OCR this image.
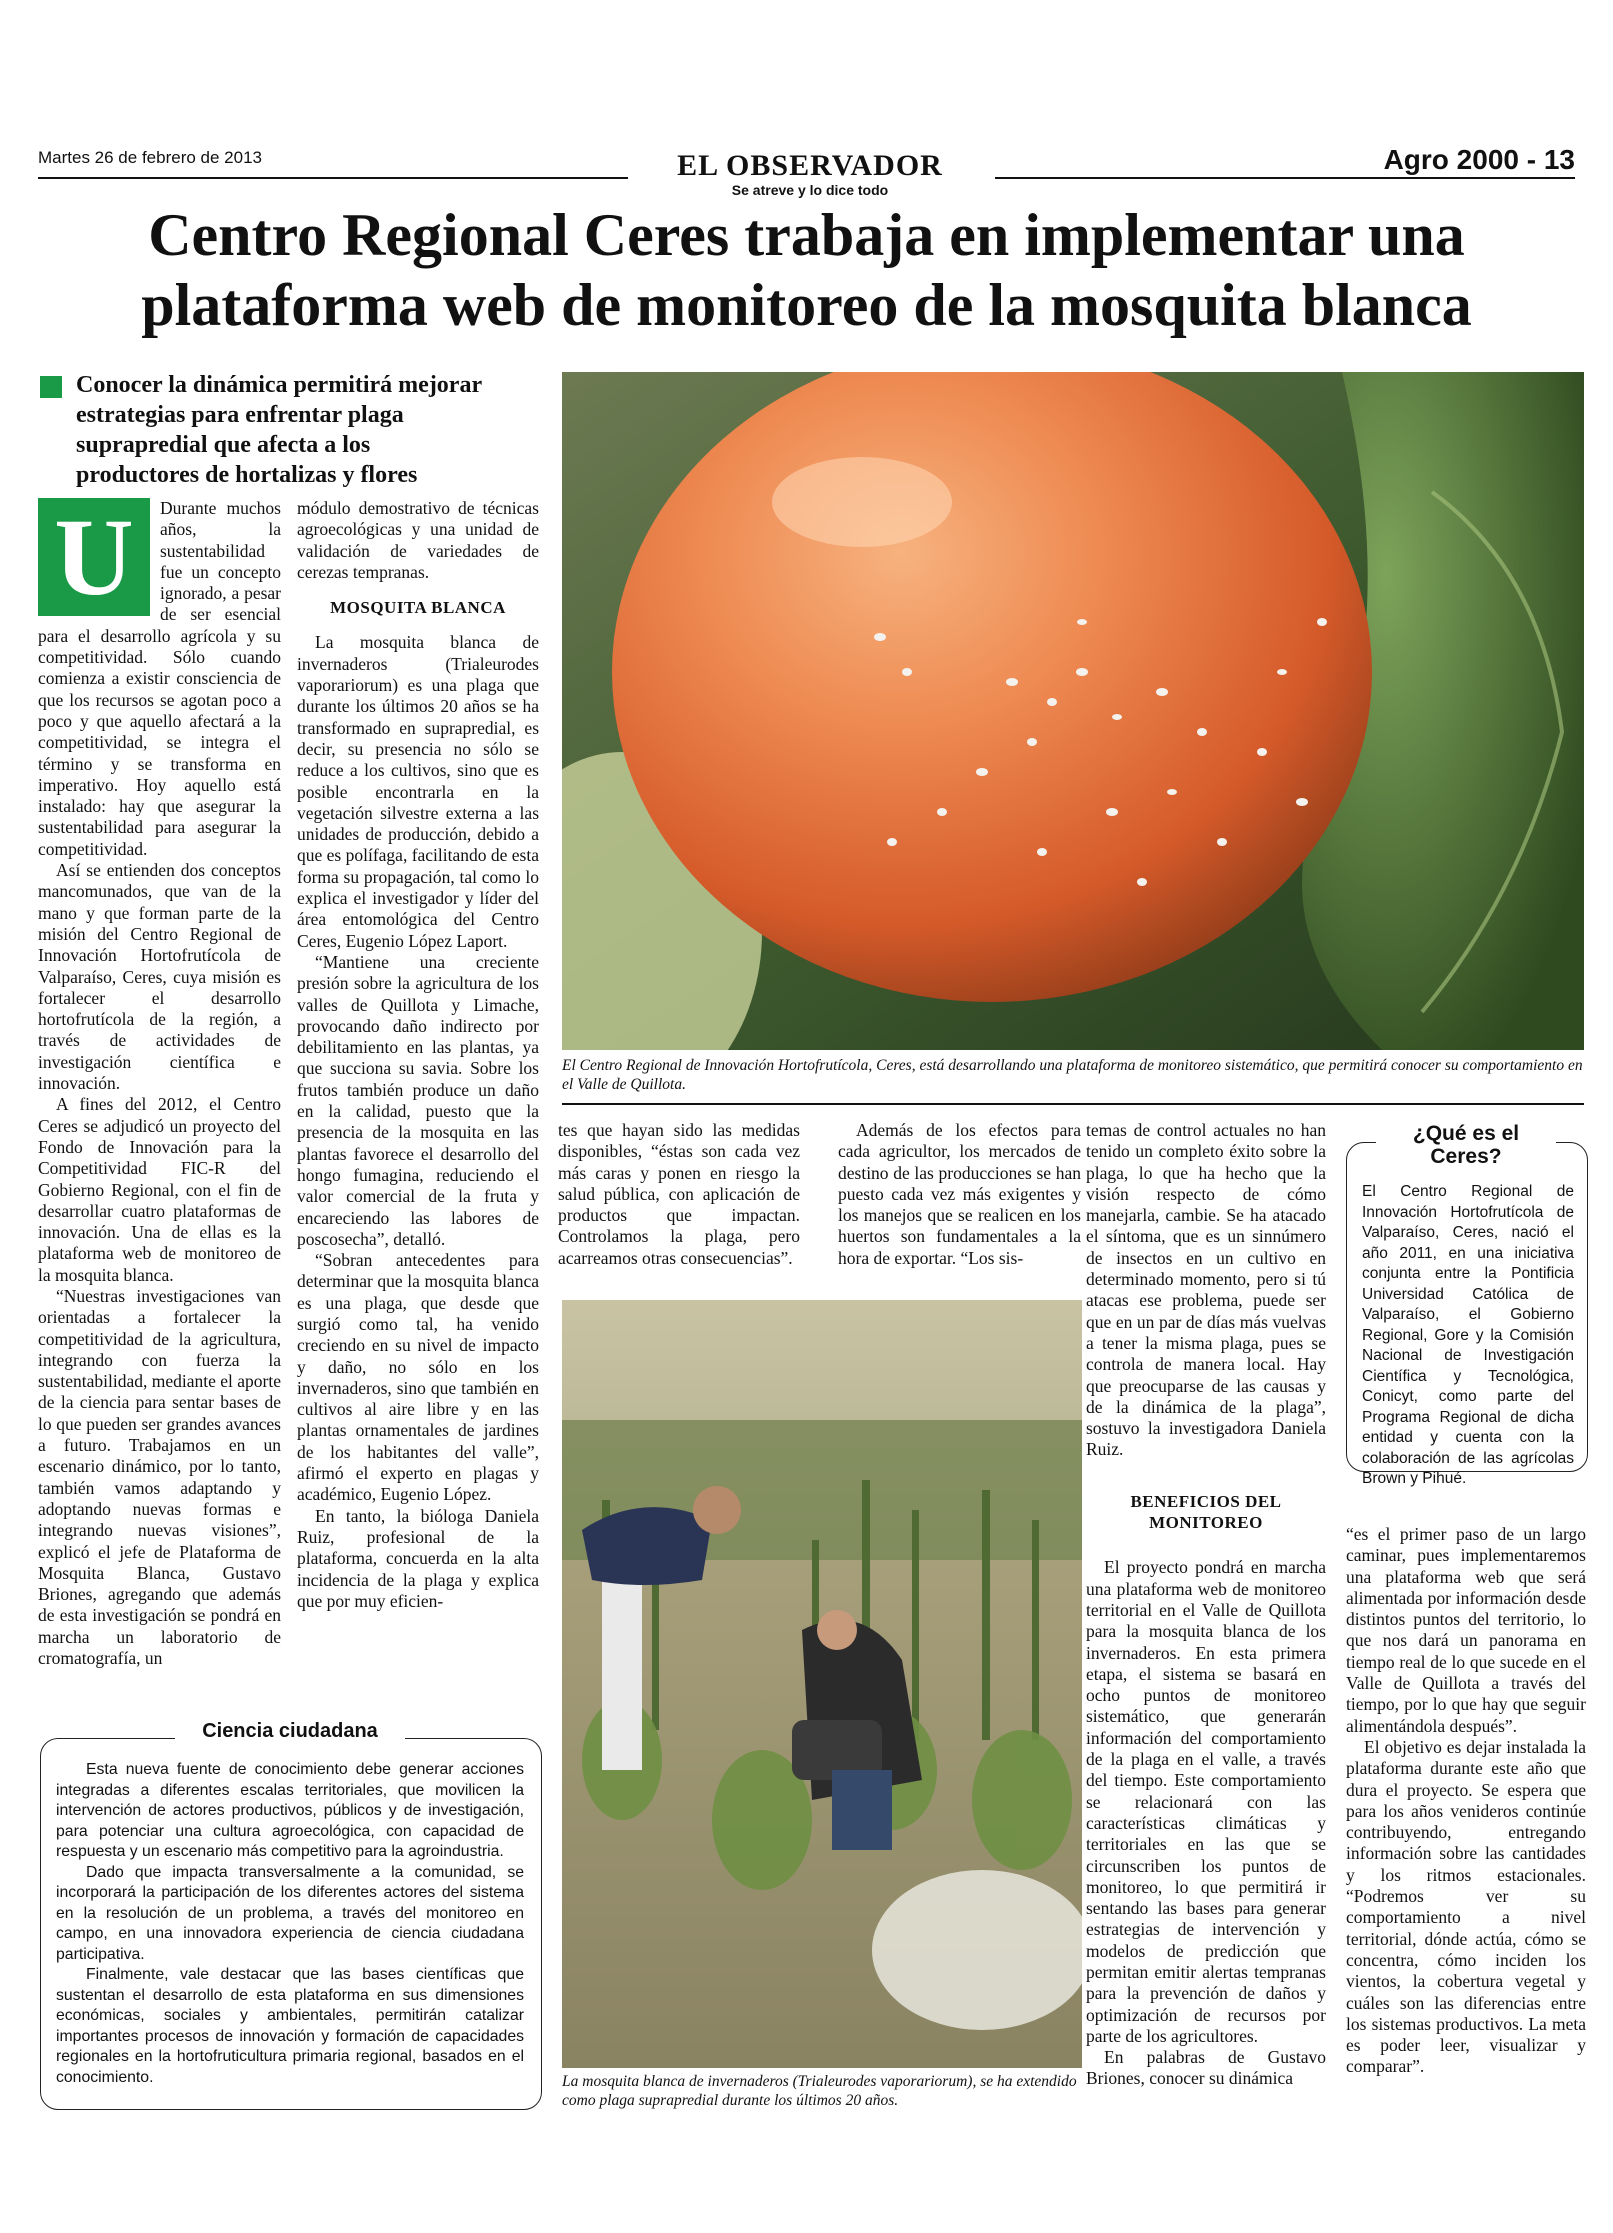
Martes 26 de febrero de 2013	EL OBSERVADOR
Se atreve y lo dice todo
Agro 2000 - 13
Centro Regional Ceres trabaja en implementar una plataforma web de monitoreo de la mosquita blanca
Conocer la dinámica permitirá mejorar estrategias para enfrentar plaga suprapredial que afecta a los productores de hortalizas y flores
U	Durante muchos años, la sustentabilidad fue un concepto ignorado, a pesar de ser esencial para el desarrollo agrícola y su competitividad. Sólo cuando comienza a existir consciencia de que los recursos se agotan poco a poco y que aquello afectará a la competitividad, se integra el término y se transforma en imperativo. Hoy aquello está instalado: hay que asegurar la sustentabilidad para asegurar la competitividad.

Así se entienden dos conceptos mancomunados, que van de la mano y que forman parte de la misión del Centro Regional de Innovación Hortofrutícola de Valparaíso, Ceres, cuya misión es fortalecer el desarrollo hortofrutícola de la región, a través de actividades de investigación científica e innovación.

A fines del 2012, el Centro Ceres se adjudicó un proyecto del Fondo de Innovación para la Competitividad FIC-R del Gobierno Regional, con el fin de desarrollar cuatro plataformas de innovación. Una de ellas es la plataforma web de monitoreo de la mosquita blanca.

“Nuestras investigaciones van orientadas a fortalecer la competitividad de la agricultura, integrando con fuerza la sustentabilidad, mediante el aporte de la ciencia para sentar bases de lo que pueden ser grandes avances a futuro. Trabajamos en un escenario dinámico, por lo tanto, también vamos adaptando y adoptando nuevas formas e integrando nuevas visiones”, explicó el jefe de Plataforma de Mosquita Blanca, Gustavo Briones, agregando que además de esta investigación se pondrá en marcha un laboratorio de cromatografía, un

módulo demostrativo de técnicas agroecológicas y una unidad de validación de variedades de cerezas tempranas.

MOSQUITA BLANCA

La mosquita blanca de invernaderos (Trialeurodes vaporariorum) es una plaga que durante los últimos 20 años se ha transformado en suprapredial, es decir, su presencia no sólo se reduce a los cultivos, sino que es posible encontrarla en la vegetación silvestre externa a las unidades de producción, debido a que es polífaga, facilitando de esta forma su propagación, tal como lo explica el investigador y líder del área entomológica del Centro Ceres, Eugenio López Laport.

“Mantiene una creciente presión sobre la agricultura de los valles de Quillota y Limache, provocando daño indirecto por debilitamiento en las plantas, ya que succiona su savia. Sobre los frutos también produce un daño en la calidad, puesto que la presencia de la mosquita en las plantas favorece el desarrollo del hongo fumagina, reduciendo el valor comercial de la fruta y encareciendo las labores de poscosecha”, detalló.

“Sobran antecedentes para determinar que la mosquita blanca es una plaga, que desde que surgió como tal, ha venido creciendo en su nivel de impacto y daño, no sólo en los invernaderos, sino que también en cultivos al aire libre y en las plantas ornamentales de jardines de los habitantes del valle”, afirmó el experto en plagas y académico, Eugenio López.

En tanto, la bióloga Daniela Ruiz, profesional de la plataforma, concuerda en la alta incidencia de la plaga y explica que por muy eficien-

El Centro Regional de Innovación Hortofrutícola, Ceres, está desarrollando una plataforma de monitoreo sistemático, que permitirá conocer su comportamiento en el Valle de Quillota.

tes que hayan sido las medidas disponibles, “éstas son cada vez más caras y ponen en riesgo la salud pública, con aplicación de productos que impactan. Controlamos la plaga, pero acarreamos otras consecuencias”.

Además de los efectos para cada agricultor, los mercados de destino de las producciones se han puesto cada vez más exigentes y los manejos que se realicen en los huertos son fundamentales a la hora de exportar. “Los sis-

La mosquita blanca de invernaderos (Trialeurodes vaporariorum), se ha extendido como plaga suprapredial durante los últimos 20 años.

temas de control actuales no han tenido un completo éxito sobre la plaga, lo que ha hecho que la visión respecto de cómo manejarla, cambie. Se ha atacado el síntoma, que es un sinnúmero de insectos en un cultivo en determinado momento, pero si tú atacas ese problema, puede ser que en un par de días más vuelvas a tener la misma plaga, pues se controla de manera local. Hay que preocuparse de las causas y de la dinámica de la plaga”, sostuvo la investigadora Daniela Ruiz.

BENEFICIOS DEL MONITOREO

El proyecto pondrá en marcha una plataforma web de monitoreo territorial en el Valle de Quillota para la mosquita blanca de los invernaderos. En esta primera etapa, el sistema se basará en ocho puntos de monitoreo sistemático, que generarán información del comportamiento de la plaga en el valle, a través del tiempo. Este comportamiento se relacionará con las características climáticas y territoriales en las que se circunscriben los puntos de monitoreo, lo que permitirá ir sentando las bases para generar estrategias de intervención y modelos de predicción que permitan emitir alertas tempranas para la prevención de daños y optimización de recursos por parte de los agricultores.

En palabras de Gustavo Briones, conocer su dinámica

¿Qué es el Ceres?
El Centro Regional de Innovación Hortofrutícola de Valparaíso, Ceres, nació el año 2011, en una iniciativa conjunta entre la Pontificia Universidad Católica de Valparaíso, el Gobierno Regional, Gore y la Comisión Nacional de Investigación Científica y Tecnológica, Conicyt, como parte del Programa Regional de dicha entidad y cuenta con la colaboración de las agrícolas Brown y Pihué.

“es el primer paso de un largo caminar, pues implementaremos una plataforma web que será alimentada por información desde distintos puntos del territorio, lo que nos dará un panorama en tiempo real de lo que sucede en el Valle de Quillota a través del tiempo, por lo que hay que seguir alimentándola después”.

El objetivo es dejar instalada la plataforma durante este año que dura el proyecto. Se espera que para los años venideros continúe contribuyendo, entregando información sobre las cantidades y los ritmos estacionales. “Podremos ver su comportamiento a nivel territorial, dónde actúa, cómo se concentra, cómo inciden los vientos, la cobertura vegetal y cuáles son las diferencias entre los sistemas productivos. La meta es poder leer, visualizar y comparar”.

Ciencia ciudadana

Esta nueva fuente de conocimiento debe generar acciones integradas a diferentes escalas territoriales, que movilicen la intervención de actores productivos, públicos y de investigación, para potenciar una cultura agroecológica, con capacidad de respuesta y un escenario más competitivo para la agroindustria.

Dado que impacta transversalmente a la comunidad, se incorporará la participación de los diferentes actores del sistema en la resolución de un problema, a través del monitoreo en campo, en una innovadora experiencia de ciencia ciudadana participativa.

Finalmente, vale destacar que las bases científicas que sustentan el desarrollo de esta plataforma en sus dimensiones económicas, sociales y ambientales, permitirán catalizar importantes procesos de innovación y formación de capacidades regionales en la hortofruticultura primaria regional, basados en el conocimiento.
